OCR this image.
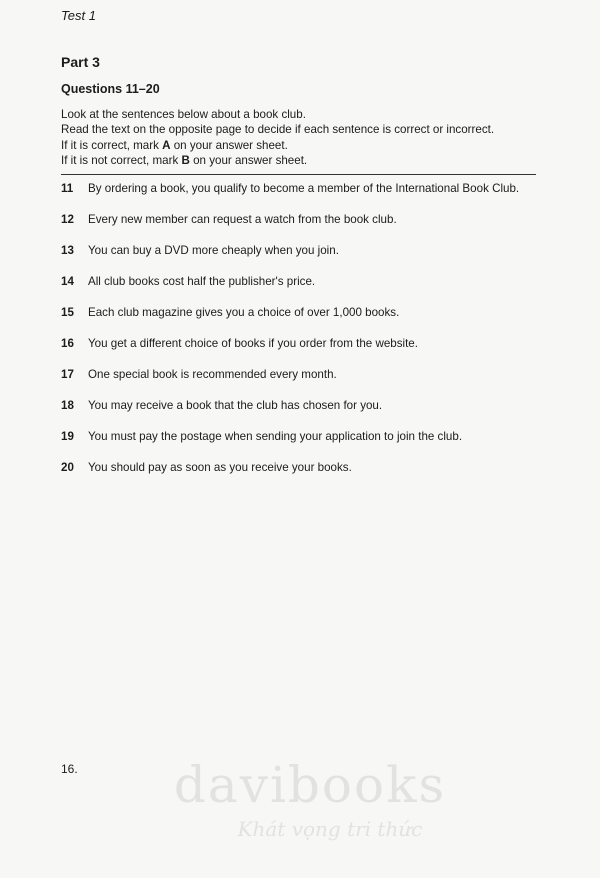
Test 1
Part 3
Questions 11–20

Look at the sentences below about a book club.

Read the text on the opposite page to decide if each sentence is correct or incorrect.

If it is correct, mark A on your answer sheet.

If it is not correct, mark B on your answer sheet.

11 By ordering a book, you qualify to become a member of the International Book Club.
12 Every new member can request a watch from the book club.
13 You can buy a DVD more cheaply when you join.
14 All club books cost half the publisher's price.
15 Each club magazine gives you a choice of over 1,000 books.
16 You get a different choice of books if you order from the website.
17 One special book is recommended every month.
18 You may receive a book that the club has chosen for you.
19 You must pay the postage when sending your application to join the club.
20 You should pay as soon as you receive your books.
16. davibooks
Khát vọng tri thức
